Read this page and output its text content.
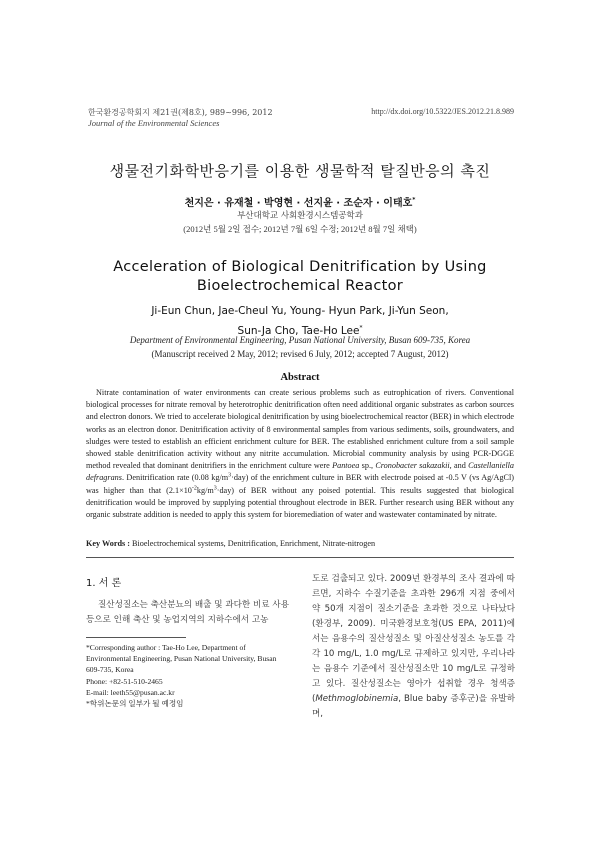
한국환경공학회지 제21권(제8호), 989~996, 2012
Journal of the Environmental Sciences
http://dx.doi.org/10.5322/JES.2012.21.8.989
생물전기화학반응기를 이용한 생물학적 탈질반응의 촉진
천지은 · 유재철 · 박영현 · 선지윤 · 조순자 · 이태호*
부산대학교 사회환경시스템공학과
(2012년 5월 2일 접수; 2012년 7월 6일 수정; 2012년 8월 7일 채택)
Acceleration of Biological Denitrification by Using
Bioelectrochemical Reactor
Ji-Eun Chun, Jae-Cheul Yu, Young- Hyun Park, Ji-Yun Seon,
Sun-Ja Cho, Tae-Ho Lee*
Department of Environmental Engineering, Pusan National University, Busan 609-735, Korea
(Manuscript received 2 May, 2012; revised 6 July, 2012; accepted 7 August, 2012)
Abstract

Nitrate contamination of water environments can create serious problems such as eutrophication of rivers. Conventional biological processes for nitrate removal by heterotrophic denitrification often need additional organic substrates as carbon sources and electron donors. We tried to accelerate biological denitrification by using bioelectrochemical reactor (BER) in which electrode works as an electron donor. Denitrification activity of 8 environmental samples from various sediments, soils, groundwaters, and sludges were tested to establish an efficient enrichment culture for BER. The established enrichment culture from a soil sample showed stable denitrification activity without any nitrite accumulation. Microbial community analysis by using PCR-DGGE method revealed that dominant denitrifiers in the enrichment culture were Pantoea sp., Cronobacter sakazakii, and Castellaniella defragrans. Denitrification rate (0.08 $kg/m^3\cdot day$) of the enrichment culture in BER with electrode poised at -0.5 V (vs Ag/AgCl) was higher than that $(2.1\times 10^{-2}kg/m^3\cdot day)$ of BER without any poised potential. This results suggested that biological denitrification would be improved by supplying potential throughout electrode in BER. Further research using BER without any organic substrate addition is needed to apply this system for bioremediation of water and wastewater contaminated by nitrate.

Key Words : Bioelectrochemical systems, Denitrification, Enrichment, Nitrate-nitrogen
1. 서 론

질산성질소는 축산분뇨의 배출 및 과다한 비료 사용 등으로 인해 축산 및 농업지역의 지하수에서 고농

*Corresponding author : Tae-Ho Lee, Department of Environmental Engineering, Pusan National University, Busan 609-735, Korea
Phone: +82-51-510-2465
E-mail: leeth55@pusan.ac.kr
*학위논문의 일부가 될 예정임

도로 검출되고 있다. 2009년 환경부의 조사 결과에 따르면, 지하수 수질기준을 초과한 296개 지점 중에서 약 50개 지점이 질소기준을 초과한 것으로 나타났다(환경부, 2009). 미국환경보호청(US EPA, 2011)에서는 음용수의 질산성질소 및 아질산성질소 농도를 각각 10 mg/L, 1.0 mg/L로 규제하고 있지만, 우리나라는 음용수 기준에서 질산성질소만 10 mg/L로 규정하고 있다. 질산성질소는 영아가 섭취할 경우 청색증(Methmoglobinemia, Blue baby 증후군)을 유발하며,
